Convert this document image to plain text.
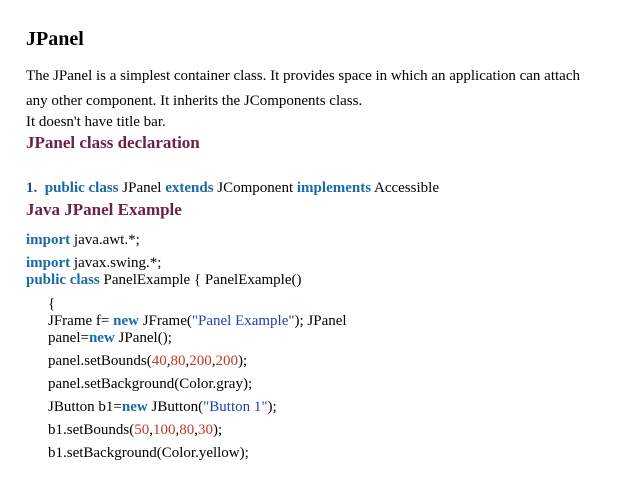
JPanel
The JPanel is a simplest container class. It provides space in which an application can attach
any other component. It inherits the JComponents class.
It doesn't have title bar.
JPanel class declaration
1. public class JPanel extends JComponent implements Accessible
Java JPanel Example
import java.awt.*;
import javax.swing.*;
public class PanelExample { PanelExample()
{
JFrame f= new JFrame("Panel Example"); JPanel
panel=new JPanel();
panel.setBounds(40,80,200,200);
panel.setBackground(Color.gray);
JButton b1=new JButton("Button 1");
b1.setBounds(50,100,80,30);
b1.setBackground(Color.yellow);
